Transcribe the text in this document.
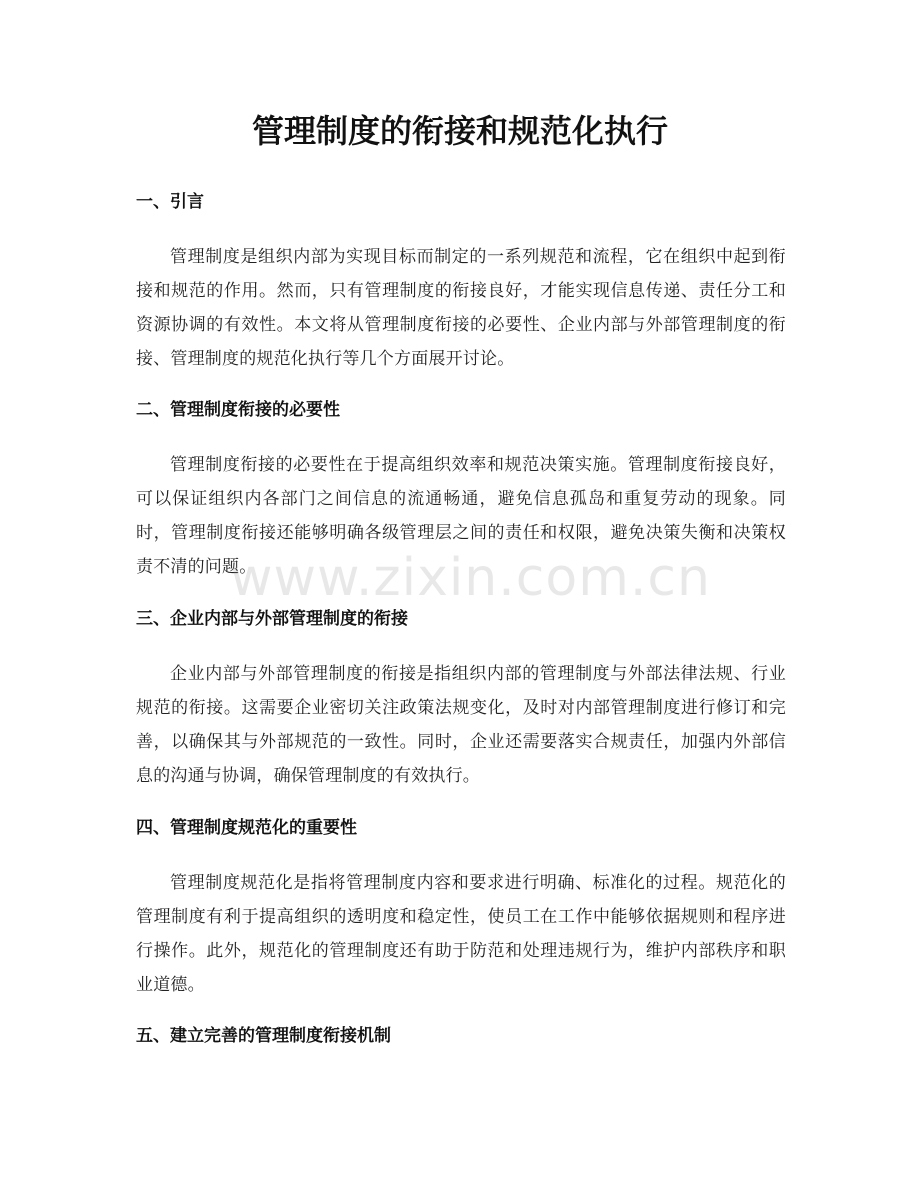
管理制度的衔接和规范化执行
一、引言

管理制度是组织内部为实现目标而制定的一系列规范和流程，它在组织中起到衔接和规范的作用。然而，只有管理制度的衔接良好，才能实现信息传递、责任分工和资源协调的有效性。本文将从管理制度衔接的必要性、企业内部与外部管理制度的衔接、管理制度的规范化执行等几个方面展开讨论。

二、管理制度衔接的必要性

管理制度衔接的必要性在于提高组织效率和规范决策实施。管理制度衔接良好，可以保证组织内各部门之间信息的流通畅通，避免信息孤岛和重复劳动的现象。同时，管理制度衔接还能够明确各级管理层之间的责任和权限，避免决策失衡和决策权责不清的问题。

三、企业内部与外部管理制度的衔接

企业内部与外部管理制度的衔接是指组织内部的管理制度与外部法律法规、行业规范的衔接。这需要企业密切关注政策法规变化，及时对内部管理制度进行修订和完善，以确保其与外部规范的一致性。同时，企业还需要落实合规责任，加强内外部信息的沟通与协调，确保管理制度的有效执行。

四、管理制度规范化的重要性

管理制度规范化是指将管理制度内容和要求进行明确、标准化的过程。规范化的管理制度有利于提高组织的透明度和稳定性，使员工在工作中能够依据规则和程序进行操作。此外，规范化的管理制度还有助于防范和处理违规行为，维护内部秩序和职业道德。

五、建立完善的管理制度衔接机制
www.zixin.com.cn
